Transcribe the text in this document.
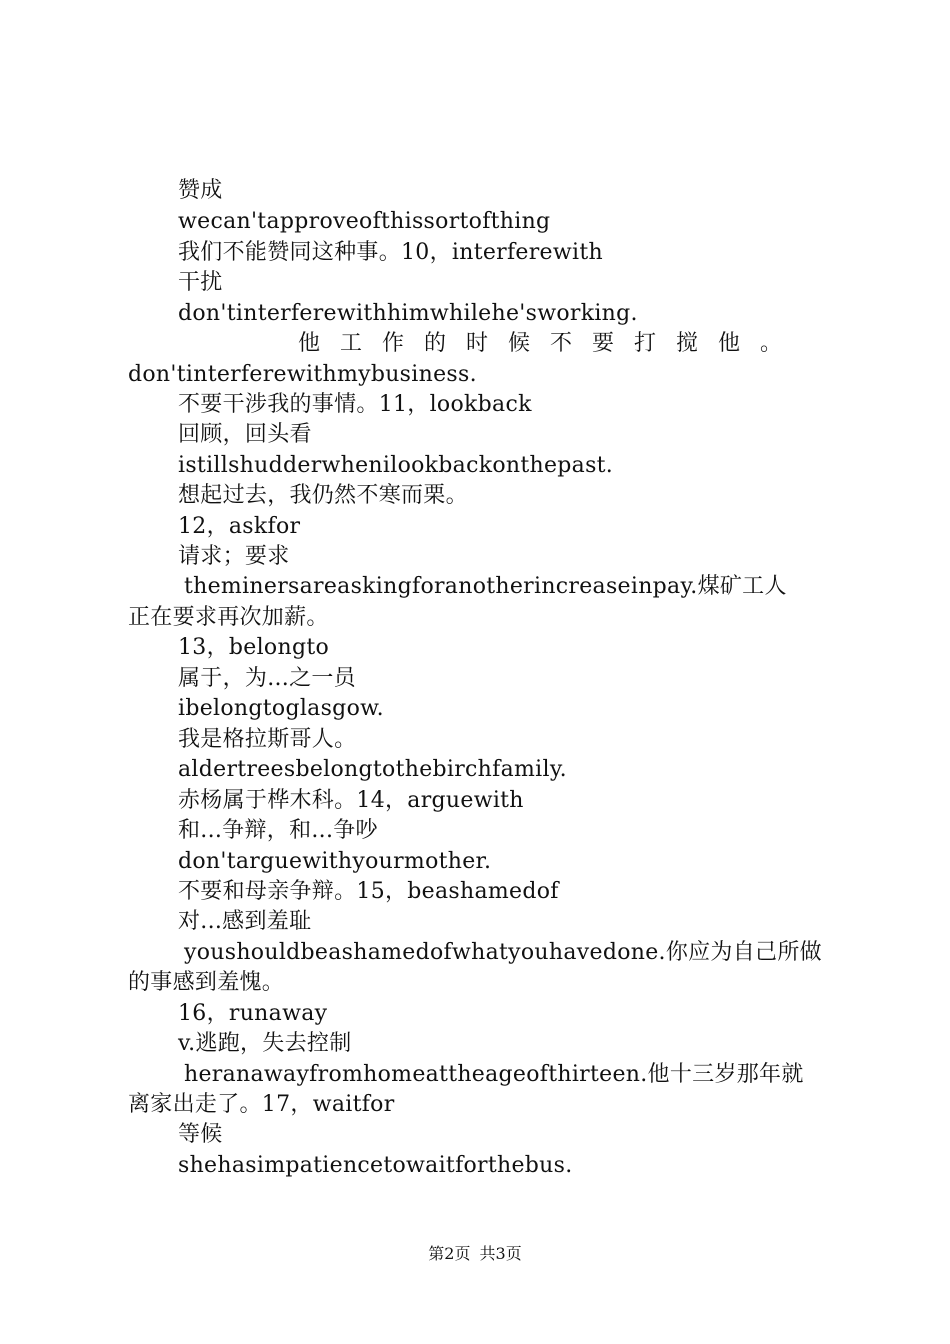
赞成
wecan'tapproveofthissortofthing
我们不能赞同这种事。10，interferewith
干扰
don'tinterferewithhimwhilehe'sworking.
他工作的时候不要打搅他。
don'tinterferewithmybusiness.
不要干涉我的事情。11，lookback
回顾，回头看
istillshudderwhenilookbackonthepast.
想起过去，我仍然不寒而栗。
12，askfor
请求；要求
theminersareaskingforanotherincreaseinpay.煤矿工人
正在要求再次加薪。
13，belongto
属于，为...之一员
ibelongtoglasgow.
我是格拉斯哥人。
aldertreesbelongtothebirchfamily.
赤杨属于桦木科。14，arguewith
和...争辩，和...争吵
don'targuewithyourmother.
不要和母亲争辩。15，beashamedof
对...感到羞耻
youshouldbeashamedofwhatyouhavedone.你应为自己所做
的事感到羞愧。
16，runaway
v.逃跑，失去控制
heranawayfromhomeattheageofthirteen.他十三岁那年就
离家出走了。17，waitfor
等候
shehasimpatiencetowaitforthebus.
第2页 共3页
